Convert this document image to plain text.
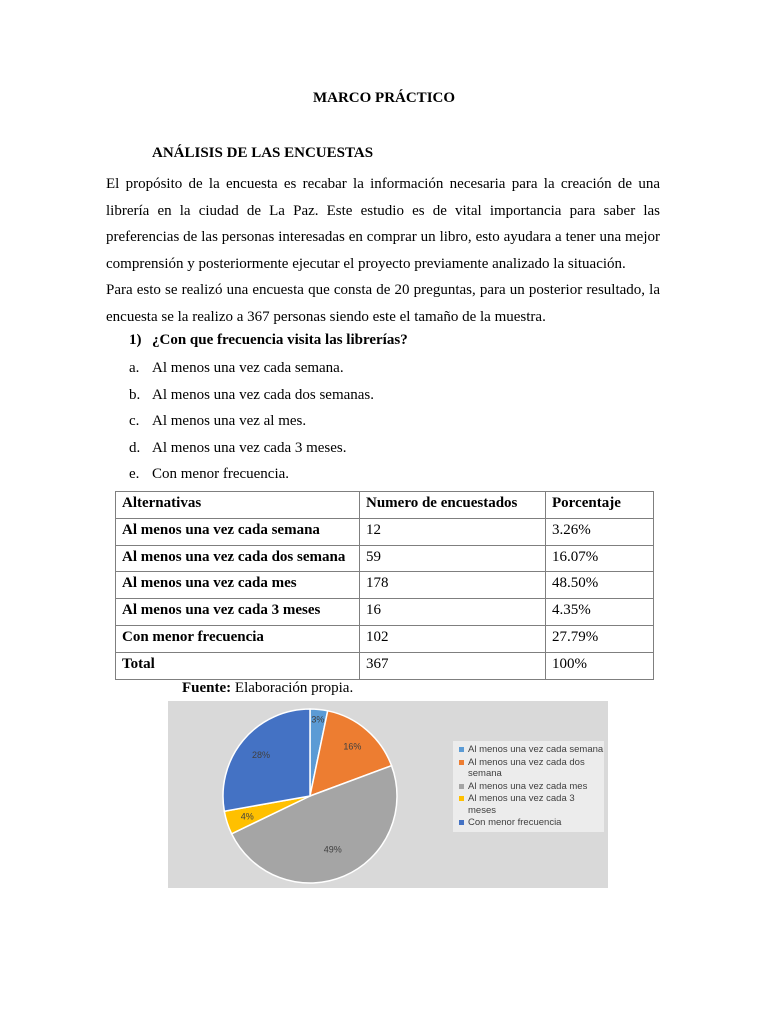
MARCO PRÁCTICO
ANÁLISIS DE LAS ENCUESTAS
El propósito de la encuesta es recabar la información necesaria para la creación de una
librería en la ciudad de La Paz. Este estudio es de vital importancia para saber las
preferencias de las personas interesadas en comprar un libro, esto ayudara a tener una mejor
comprensión y posteriormente ejecutar el proyecto previamente analizado la situación.
Para esto se realizó una encuesta que consta de 20 preguntas, para un posterior resultado, la
encuesta se la realizo a 367 personas siendo este el tamaño de la muestra.
1) ¿Con que frecuencia visita las librerías?
a. Al menos una vez cada semana.
b. Al menos una vez cada dos semanas.
c. Al menos una vez al mes.
d. Al menos una vez cada 3 meses.
e. Con menor frecuencia.
Alternativas	Numero de encuestados	Porcentaje
Al menos una vez cada semana	12	3.26%
Al menos una vez cada dos semana	59	16.07%
Al menos una vez cada mes	178	48.50%
Al menos una vez cada 3 meses	16	4.35%
Con menor frecuencia	102	27.79%
Total	367	100%
Fuente: Elaboración propia.
3%
16%
49%
4%
28%	Al menos una vez cada semana
Al menos una vez cada dos semana
Al menos una vez cada mes
Al menos una vez cada 3 meses
Con menor frecuencia
